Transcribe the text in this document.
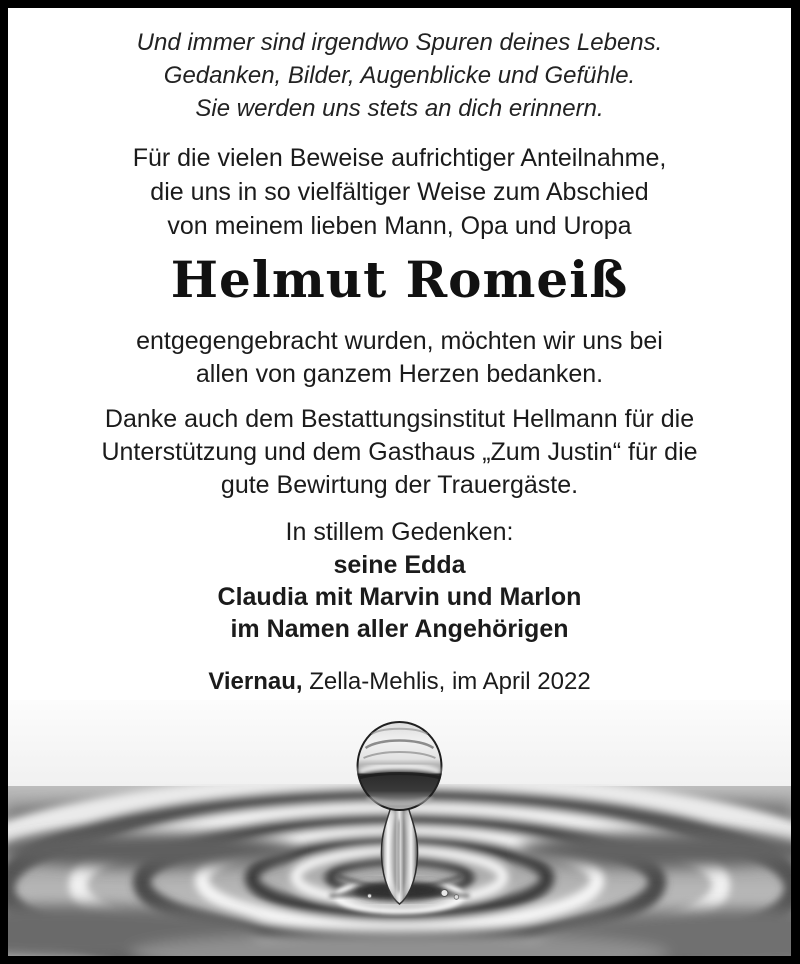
Und immer sind irgendwo Spuren deines Lebens.
Gedanken, Bilder, Augenblicke und Gefühle.
Sie werden uns stets an dich erinnern.
Für die vielen Beweise aufrichtiger Anteilnahme,
die uns in so vielfältiger Weise zum Abschied
von meinem lieben Mann, Opa und Uropa
Helmut Romeiß
entgegengebracht wurden, möchten wir uns bei
allen von ganzem Herzen bedanken.
Danke auch dem Bestattungsinstitut Hellmann für die
Unterstützung und dem Gasthaus „Zum Justin“ für die
gute Bewirtung der Trauergäste.
In stillem Gedenken:
seine Edda
Claudia mit Marvin und Marlon
im Namen aller Angehörigen
Viernau, Zella-Mehlis, im April 2022
